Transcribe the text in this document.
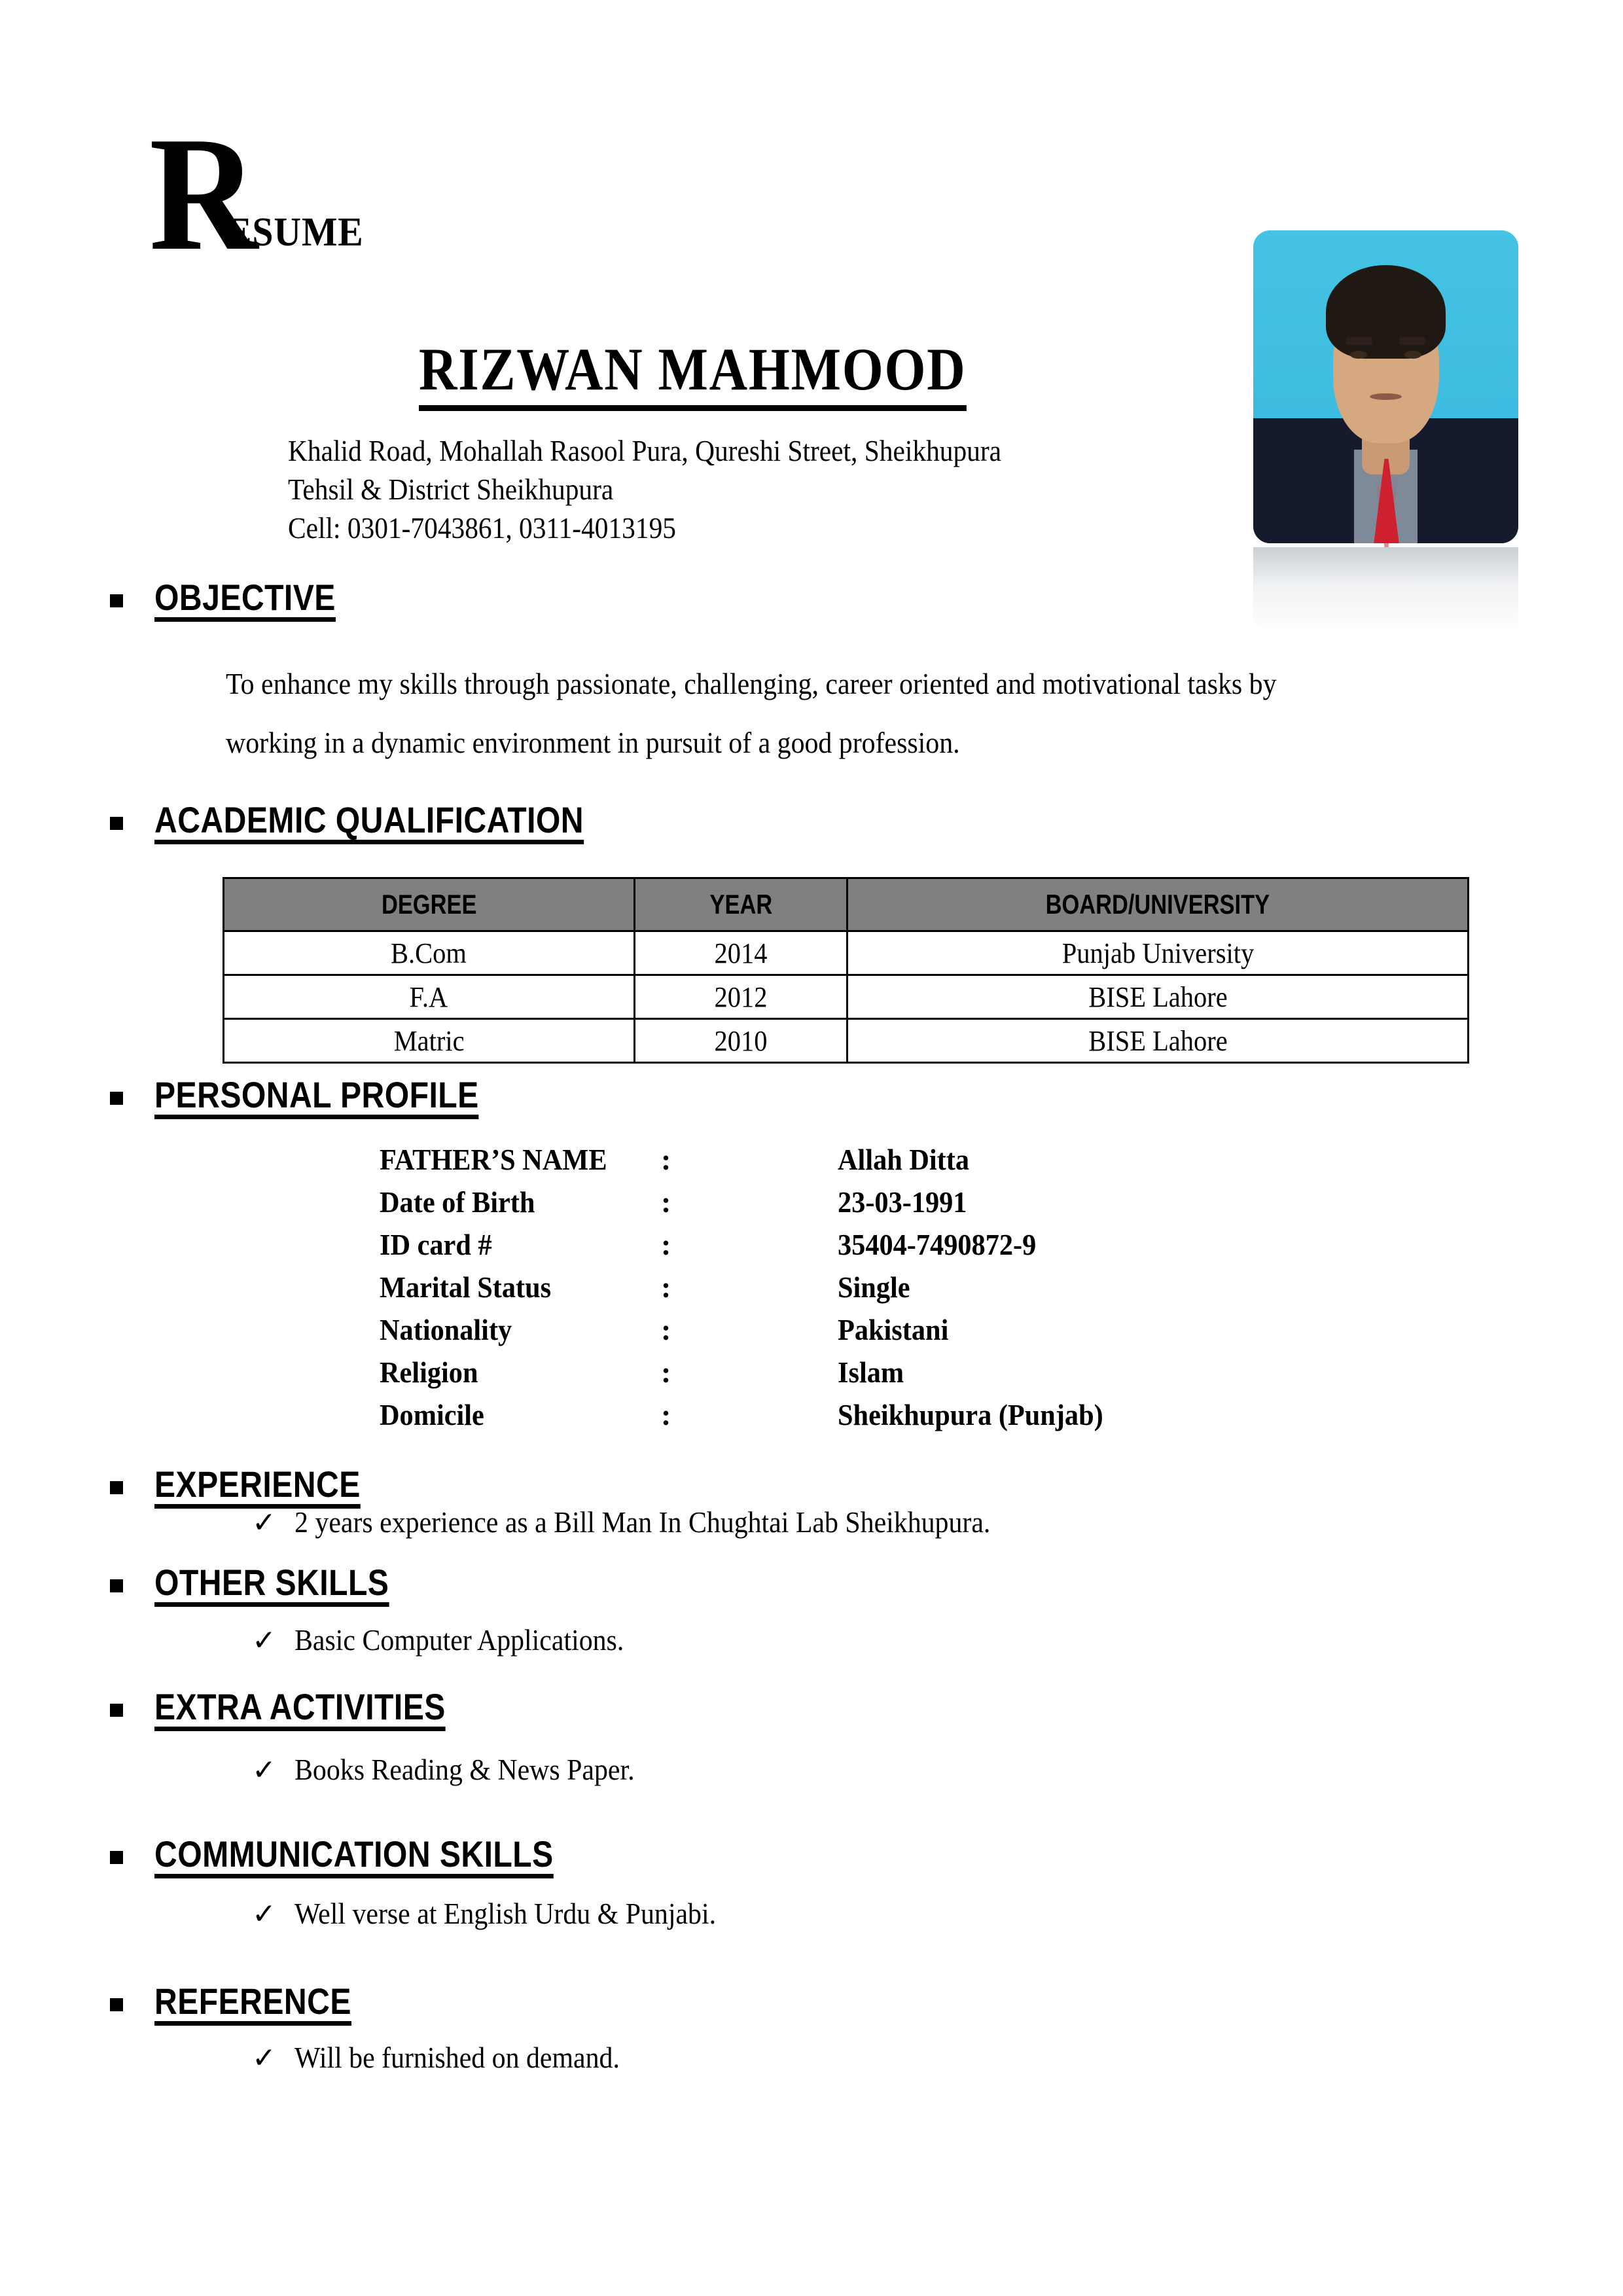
R
ESUME
RIZWAN MAHMOOD
Khalid Road, Mohallah Rasool Pura, Qureshi Street, Sheikhupura
Tehsil & District Sheikhupura
Cell: 0301-7043861, 0311-4013195
OBJECTIVE
To enhance my skills through passionate, challenging, career oriented and motivational tasks by working in a dynamic environment in pursuit of a good profession.
ACADEMIC QUALIFICATION
DEGREE	YEAR	BOARD/UNIVERSITY
B.Com	2014	Punjab University
F.A	2012	BISE Lahore
Matric	2010	BISE Lahore
PERSONAL PROFILE
FATHER’S NAME	:	Allah Ditta
Date of Birth	:	23-03-1991
ID card #	:	35404-7490872-9
Marital Status	:	Single
Nationality	:	Pakistani
Religion	:	Islam
Domicile	:	Sheikhupura (Punjab)
EXPERIENCE
✓ 2 years experience as a Bill Man In Chughtai Lab Sheikhupura.
OTHER SKILLS
✓ Basic Computer Applications.
EXTRA ACTIVITIES
✓ Books Reading & News Paper.
COMMUNICATION SKILLS
✓ Well verse at English Urdu & Punjabi.
REFERENCE
✓ Will be furnished on demand.
